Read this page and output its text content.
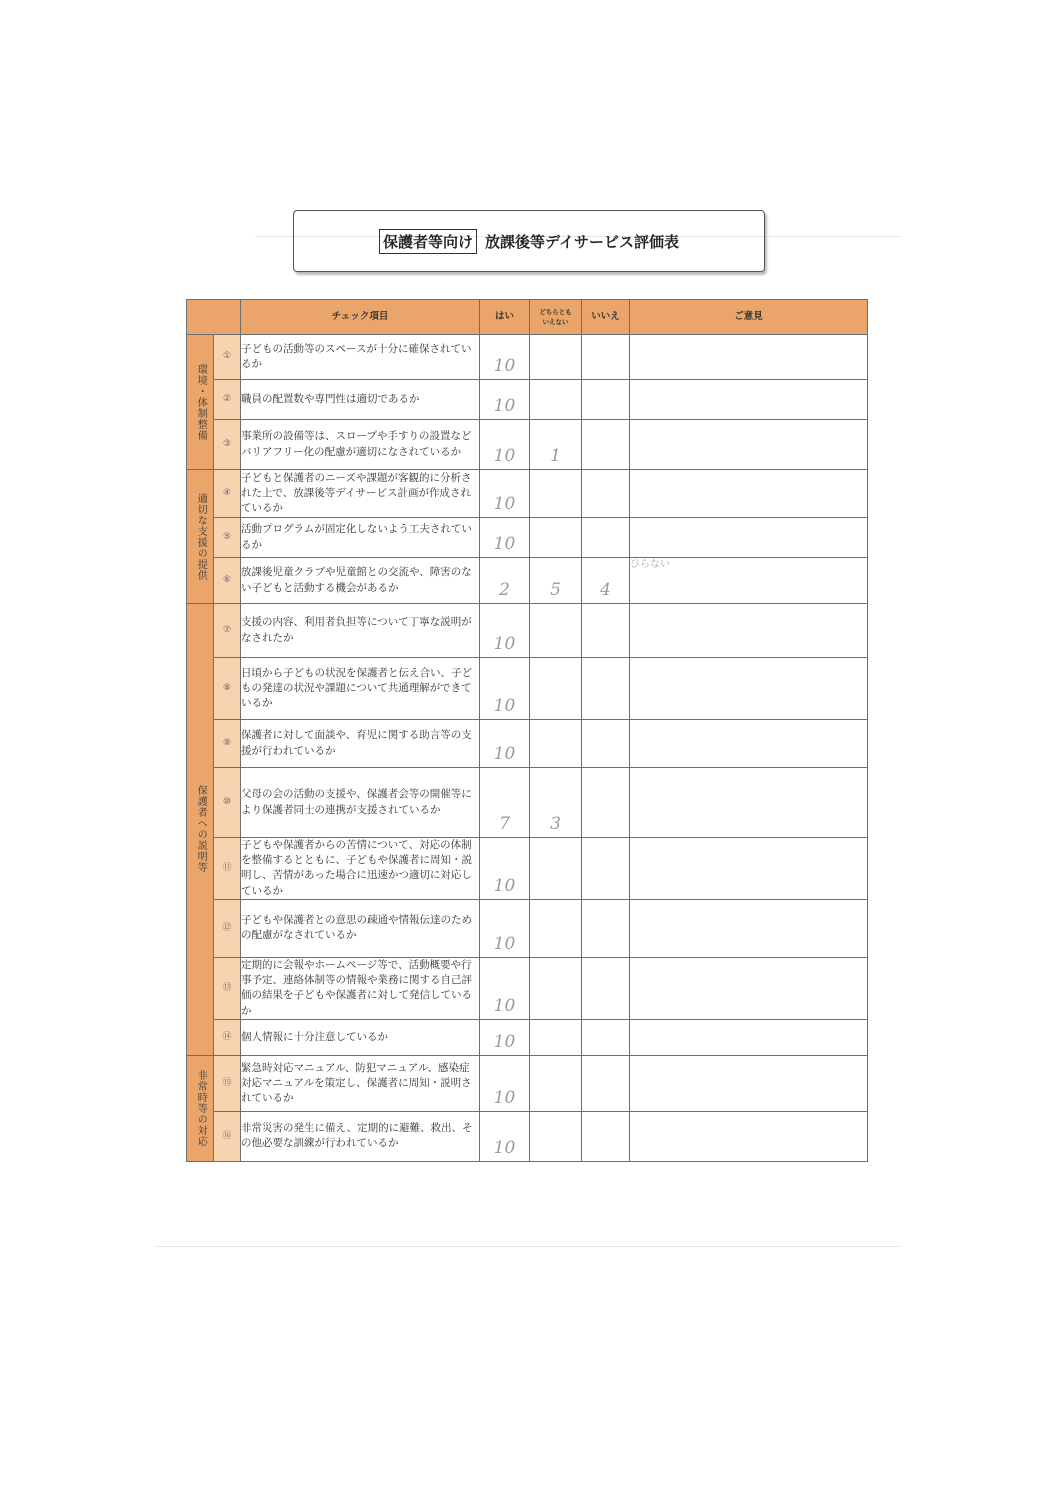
保護者等向け 放課後等デイサービス評価表
		チェック項目	はい	どちらとも
いえない	いいえ	ご意見
環境・体制整備	①	子どもの活動等のスペースが十分に確保されているか	10			
	②	職員の配置数や専門性は適切であるか	10			
	③	事業所の設備等は、スロープや手すりの設置などバリアフリー化の配慮が適切になされているか	10	1		
適切な支援の提供	④	子どもと保護者のニーズや課題が客観的に分析された上で、放課後等デイサービス計画が作成されているか	10			
	⑤	活動プログラムが固定化しないよう工夫されているか	10			
	⑥	放課後児童クラブや児童館との交流や、障害のない子どもと活動する機会があるか	2	5	4	ひらない
保護者への説明等	⑦	支援の内容、利用者負担等について丁寧な説明がなされたか	10			
	⑧	日頃から子どもの状況を保護者と伝え合い、子どもの発達の状況や課題について共通理解ができているか	10			
	⑨	保護者に対して面談や、育児に関する助言等の支援が行われているか	10			
	⑩	父母の会の活動の支援や、保護者会等の開催等により保護者同士の連携が支援されているか	7	3		
	⑪	子どもや保護者からの苦情について、対応の体制を整備するとともに、子どもや保護者に周知・説明し、苦情があった場合に迅速かつ適切に対応しているか	10			
	⑫	子どもや保護者との意思の疎通や情報伝達のための配慮がなされているか	10			
	⑬	定期的に会報やホームページ等で、活動概要や行事予定、連絡体制等の情報や業務に関する自己評価の結果を子どもや保護者に対して発信しているか	10			
	⑭	個人情報に十分注意しているか	10			
非常時等の対応	⑮	緊急時対応マニュアル、防犯マニュアル、感染症対応マニュアルを策定し、保護者に周知・説明されているか	10			
	⑯	非常災害の発生に備え、定期的に避難、救出、その他必要な訓練が行われているか	10			
